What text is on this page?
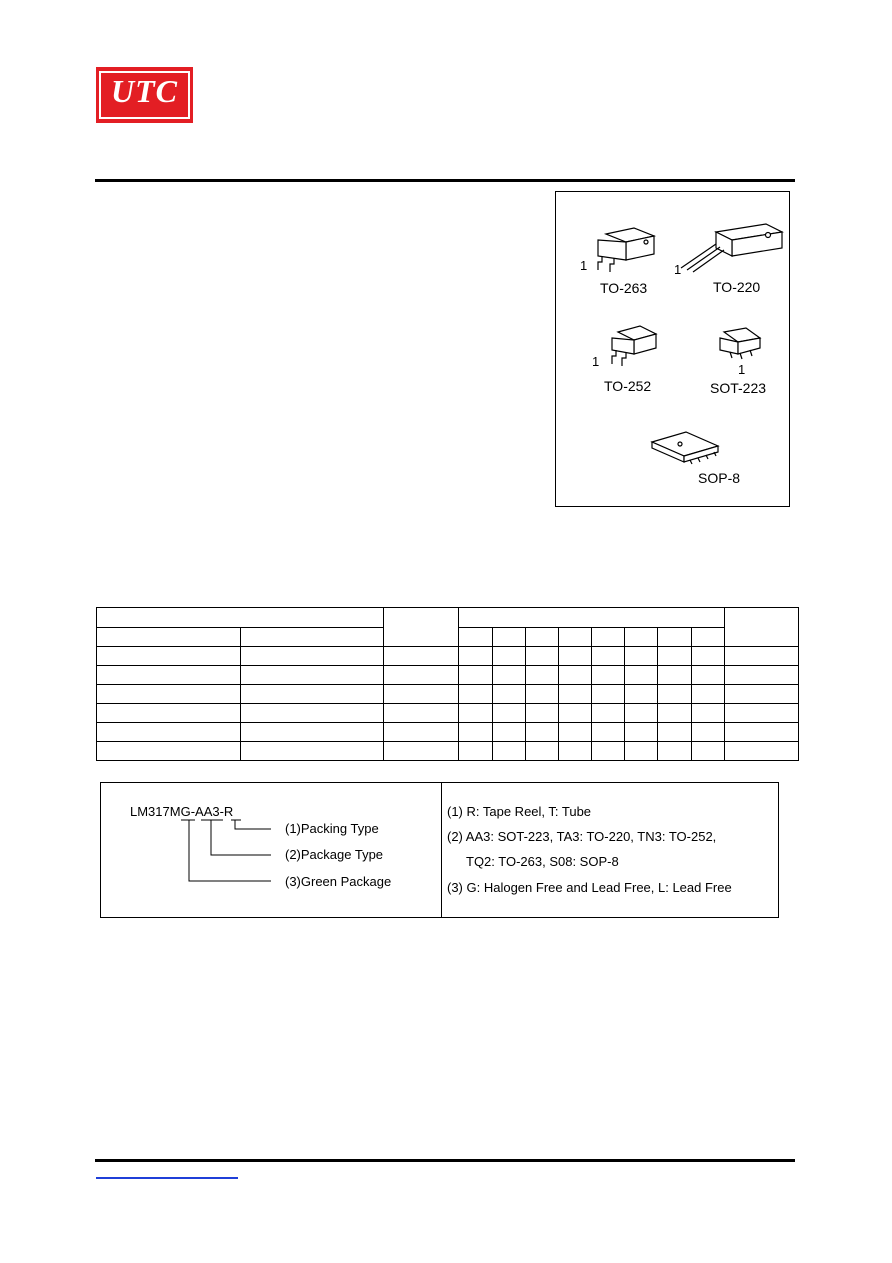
UTC
1	1
1
1
TO-263	TO-220
TO-252	SOT-223
SOP-8

LM317MG-AA3-R
(1)Packing Type
(2)Package Type
(3)Green Package
(1) R: Tape Reel, T: Tube
(2) AA3: SOT-223, TA3: TO-220, TN3: TO-252,
TQ2: TO-263, S08: SOP-8
(3) G: Halogen Free and Lead Free, L: Lead Free
